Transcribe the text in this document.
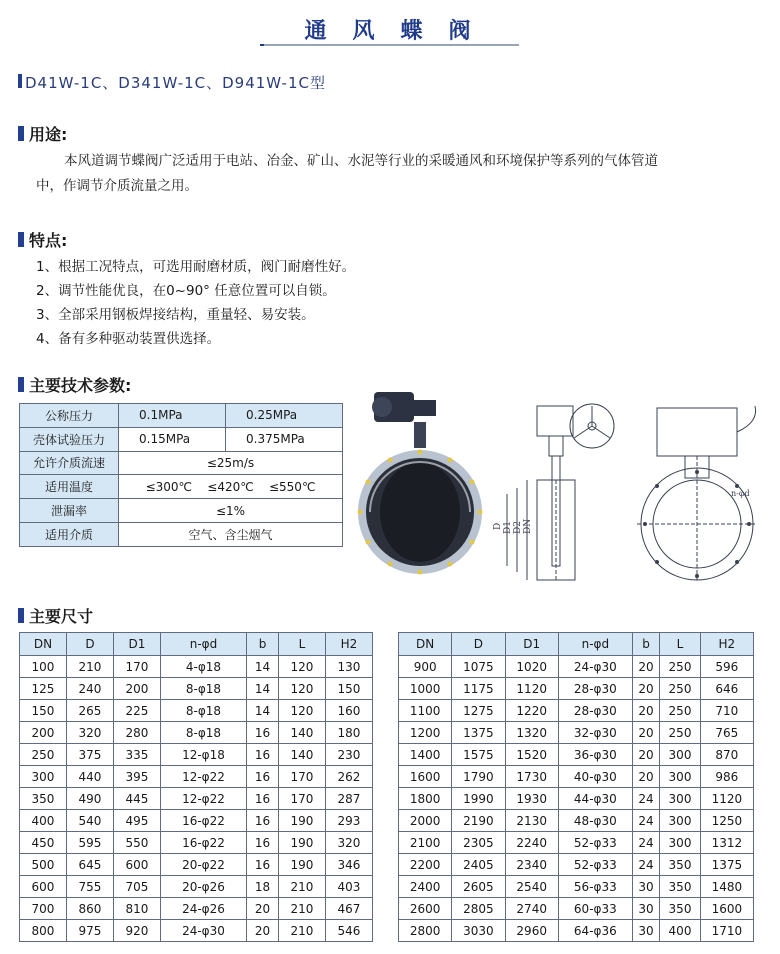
通风蝶阀
D41W-1C、D341W-1C、D941W-1C型
用途:
本风道调节蝶阀广泛适用于电站、冶金、矿山、水泥等行业的采暖通风和环境保护等系列的气体管道
中，作调节介质流量之用。
特点:
1、根据工况特点，可选用耐磨材质，阀门耐磨性好。
2、调节性能优良，在0~90° 任意位置可以自锁。
3、全部采用钢板焊接结构，重量轻、易安装。
4、备有多种驱动装置供选择。
主要技术参数:
公称压力	0.1MPa	0.25MPa
壳体试验压力	0.15MPa	0.375MPa
允许介质流速	≤25m/s	
适用温度	≤300℃ ≤420℃ ≤550℃	
泄漏率	≤1%	
适用介质	空气、含尘烟气	
D D1 D2 DN
n-φd
主要尺寸
DN	D	D1	n-φd	b	L	H2
100	210	170	4-φ18	14	120	130
125	240	200	8-φ18	14	120	150
150	265	225	8-φ18	14	120	160
200	320	280	8-φ18	16	140	180
250	375	335	12-φ18	16	140	230
300	440	395	12-φ22	16	170	262
350	490	445	12-φ22	16	170	287
400	540	495	16-φ22	16	190	293
450	595	550	16-φ22	16	190	320
500	645	600	20-φ22	16	190	346
600	755	705	20-φ26	18	210	403
700	860	810	24-φ26	20	210	467
800	975	920	24-φ30	20	210	546
DN	D	D1	n-φd	b	L	H2
900	1075	1020	24-φ30	20	250	596
1000	1175	1120	28-φ30	20	250	646
1100	1275	1220	28-φ30	20	250	710
1200	1375	1320	32-φ30	20	250	765
1400	1575	1520	36-φ30	20	300	870
1600	1790	1730	40-φ30	20	300	986
1800	1990	1930	44-φ30	24	300	1120
2000	2190	2130	48-φ30	24	300	1250
2100	2305	2240	52-φ33	24	300	1312
2200	2405	2340	52-φ33	24	350	1375
2400	2605	2540	56-φ33	30	350	1480
2600	2805	2740	60-φ33	30	350	1600
2800	3030	2960	64-φ36	30	400	1710
